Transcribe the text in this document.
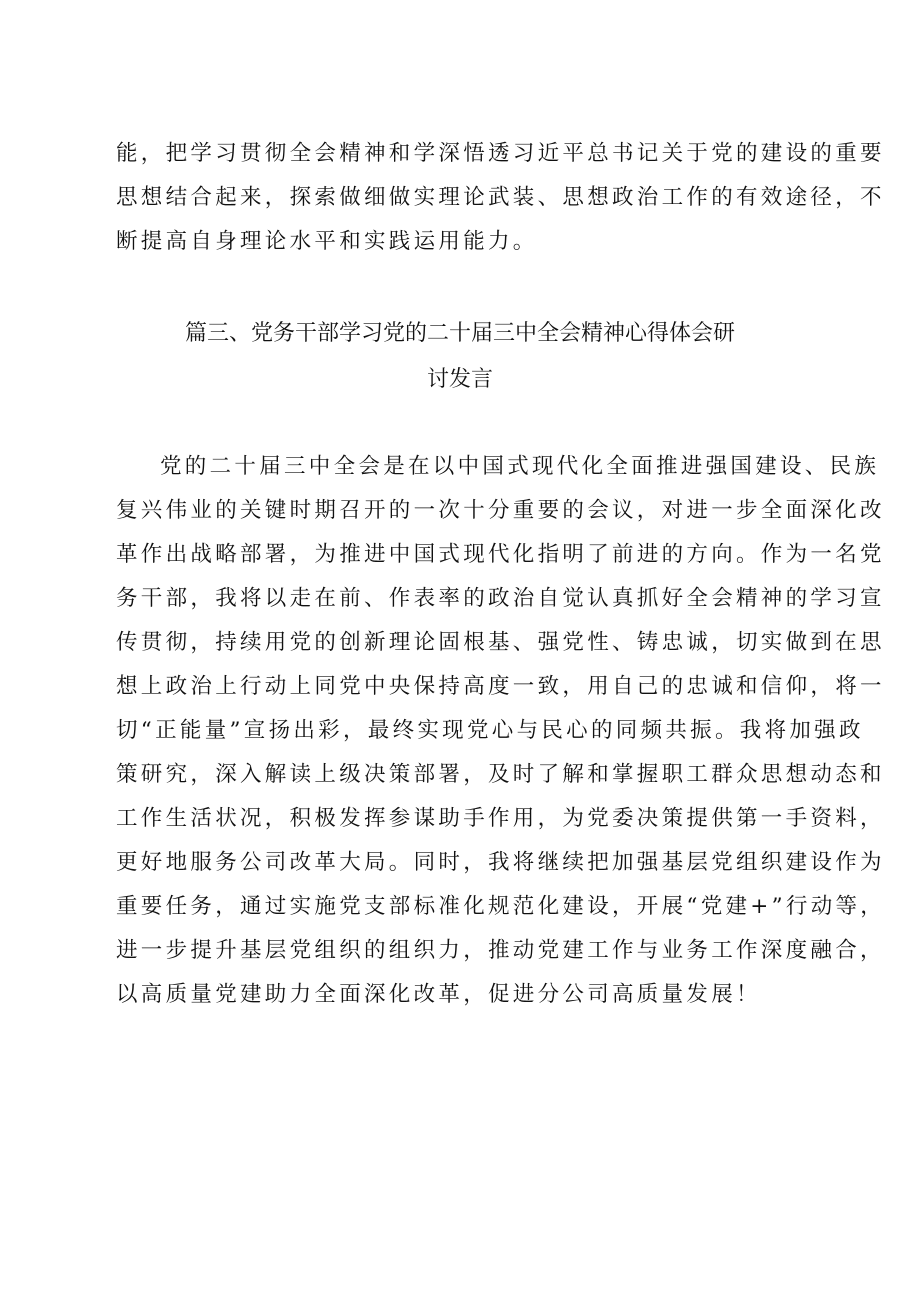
能，把学习贯彻全会精神和学深悟透习近平总书记关于党的建设的重要
思想结合起来，探索做细做实理论武装、思想政治工作的有效途径，不
断提高自身理论水平和实践运用能力。
篇三、党务干部学习党的二十届三中全会精神心得体会研
讨发言
党的二十届三中全会是在以中国式现代化全面推进强国建设、民族
复兴伟业的关键时期召开的一次十分重要的会议，对进一步全面深化改
革作出战略部署，为推进中国式现代化指明了前进的方向。作为一名党
务干部，我将以走在前、作表率的政治自觉认真抓好全会精神的学习宣
传贯彻，持续用党的创新理论固根基、强党性、铸忠诚，切实做到在思
想上政治上行动上同党中央保持高度一致，用自己的忠诚和信仰，将一
切“正能量”宣扬出彩，最终实现党心与民心的同频共振。我将加强政
策研究，深入解读上级决策部署，及时了解和掌握职工群众思想动态和
工作生活状况，积极发挥参谋助手作用，为党委决策提供第一手资料，
更好地服务公司改革大局。同时，我将继续把加强基层党组织建设作为
重要任务，通过实施党支部标准化规范化建设，开展“党建+”行动等，
进一步提升基层党组织的组织力，推动党建工作与业务工作深度融合，
以高质量党建助力全面深化改革，促进分公司高质量发展！
